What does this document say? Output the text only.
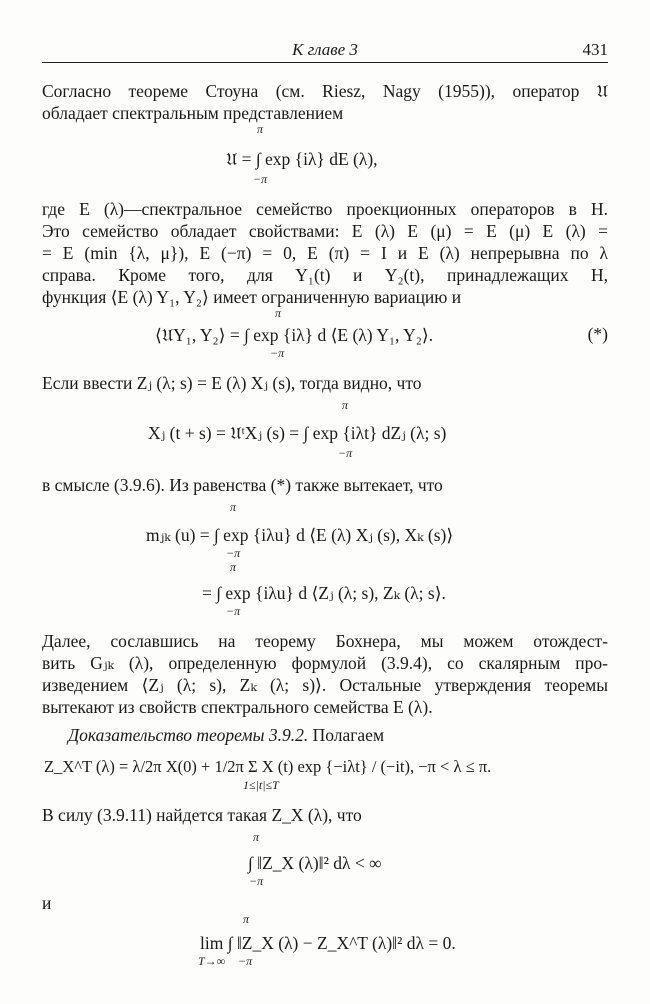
К главе 3	431
Согласно теореме Стоуна (см. Riesz, Nagy (1955)), оператор 𝔘
обладает спектральным представлением
π
𝔘 = ∫ exp {iλ} dE (λ),
−π
где E (λ)—спектральное семейство проекционных операторов в H.
Это семейство обладает свойствами: E (λ) E (μ) = E (μ) E (λ) =
= E (min {λ, μ}), E (−π) = 0, E (π) = I и E (λ) непрерывна по λ
справа. Кроме того, для Y₁(t) и Y₂(t), принадлежащих H,
функция ⟨E (λ) Y₁, Y₂⟩ имеет ограниченную вариацию и
π
⟨𝔘Y₁, Y₂⟩ = ∫ exp {iλ} d ⟨E (λ) Y₁, Y₂⟩.	(*)
−π
Если ввести Zⱼ (λ; s) = E (λ) Xⱼ (s), тогда видно, что
π
Xⱼ (t + s) = 𝔘ᵗXⱼ (s) = ∫ exp {iλt} dZⱼ (λ; s)
−π
в смысле (3.9.6). Из равенства (*) также вытекает, что
π
mⱼₖ (u) = ∫ exp {iλu} d ⟨E (λ) Xⱼ (s), Xₖ (s)⟩
−π
π
= ∫ exp {iλu} d ⟨Zⱼ (λ; s), Zₖ (λ; s⟩.
−π
Далее, сославшись на теорему Бохнера, мы можем отождест-
вить Gⱼₖ (λ), определенную формулой (3.9.4), со скалярным про-
изведением ⟨Zⱼ (λ; s), Zₖ (λ; s)⟩. Остальные утверждения теоремы
вытекают из свойств спектрального семейства E (λ).
Доказательство теоремы 3.9.2. Полагаем
Z_X^T (λ) = λ/2π X(0) + 1/2π Σ X (t) exp {−iλt} / (−it), −π < λ ≤ π.
1≤|t|≤T
В силу (3.9.11) найдется такая Z_X (λ), что
π
∫ ‖Z_X (λ)‖² dλ < ∞
−π
и
π
lim ∫ ‖Z_X (λ) − Z_X^T (λ)‖² dλ = 0.
T→∞ −π
